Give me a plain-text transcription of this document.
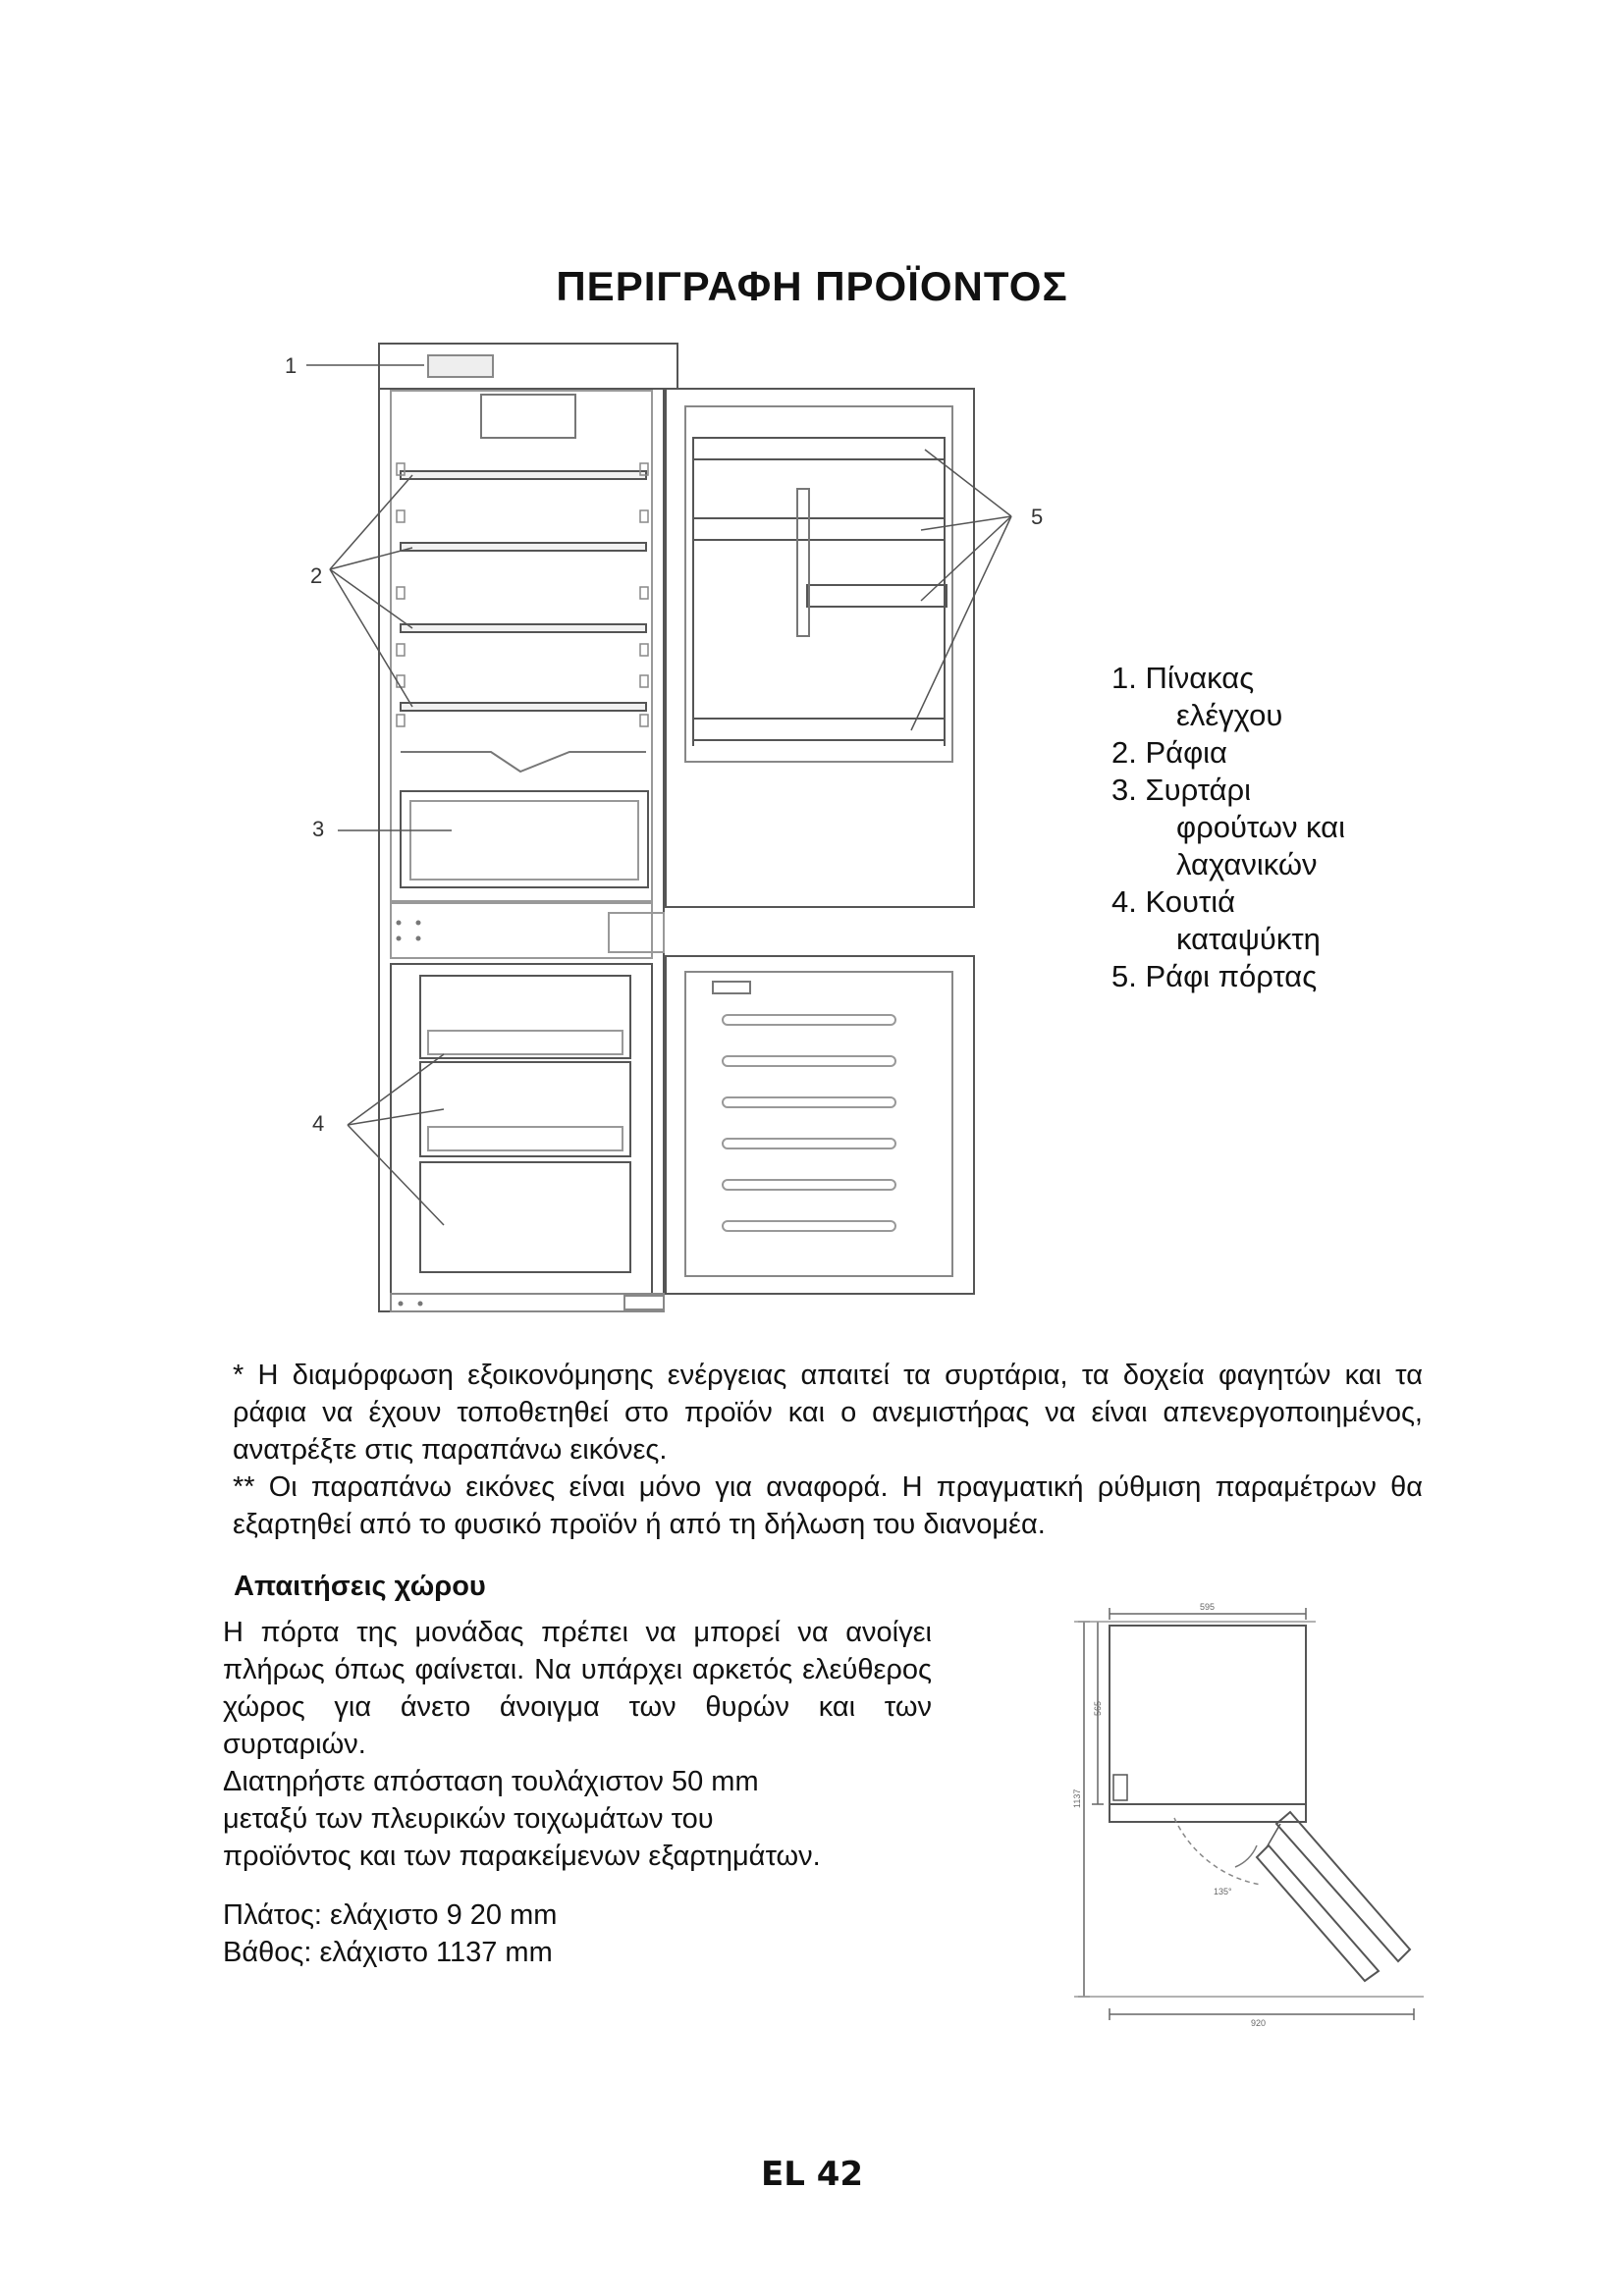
ΠΕΡΙΓΡΑΦΗ ΠΡΟΪΟΝΤΟΣ
1
2
3
4
5
1. Πίνακας
ελέγχου
2. Ράφια
3. Συρτάρι
φρούτων και
λαχανικών
4. Κουτιά
καταψύκτη
5. Ράφι πόρτας

* Η διαμόρφωση εξοικονόμησης ενέργειας απαιτεί τα συρτάρια, τα δοχεία φαγητών και τα ράφια να έχουν τοποθετηθεί στο προϊόν και ο ανεμιστήρας να είναι απενεργοποιημένος, ανατρέξτε στις παραπάνω εικόνες.

** Οι παραπάνω εικόνες είναι μόνο για αναφορά. Η πραγματική ρύθμιση παραμέτρων θα εξαρτηθεί από το φυσικό προϊόν ή από τη δήλωση του διανομέα.

Απαιτήσεις χώρου

Η πόρτα της μονάδας πρέπει να μπορεί να ανοίγει πλήρως όπως φαίνεται. Να υπάρχει αρκετός ελεύθερος χώρος για άνετο άνοιγμα των θυρών και των συρταριών.

Διατηρήστε απόσταση τουλάχιστον 50 mm

μεταξύ των πλευρικών τοιχωμάτων του

προϊόντος και των παρακείμενων εξαρτημάτων.

Πλάτος: ελάχιστο 9 20 mm

Βάθος: ελάχιστο 1137 mm

595
565
1137
920
135°
EL 42
